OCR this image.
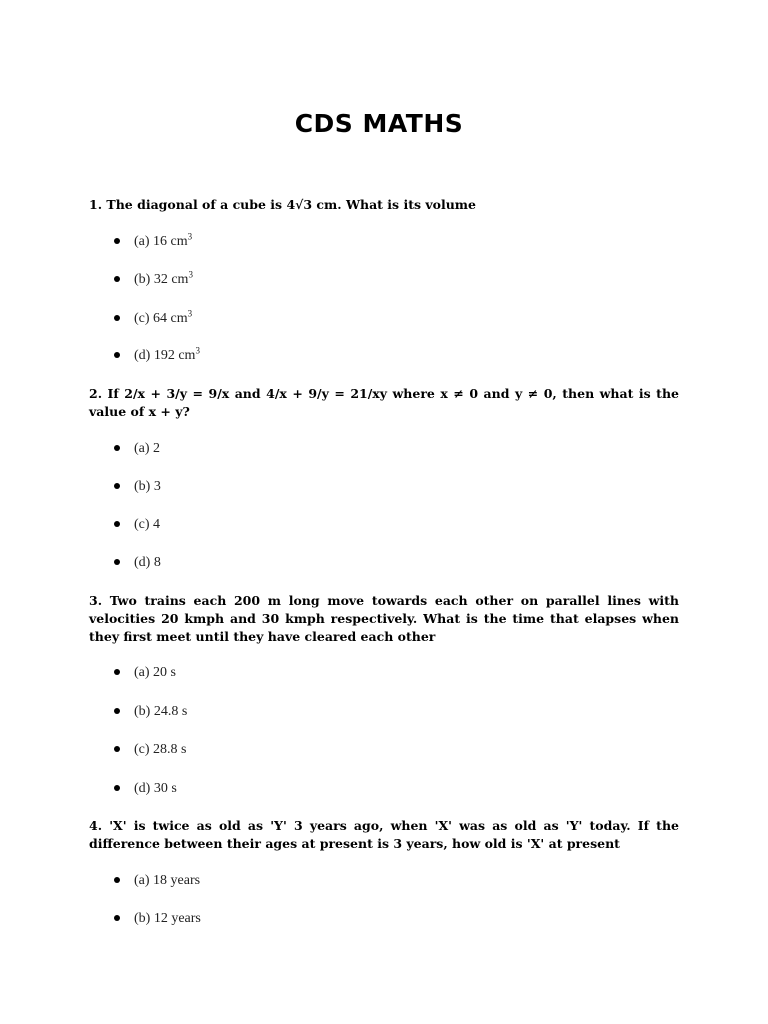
CDS MATHS
1. The diagonal of a cube is 4√3 cm. What is its volume
(a) 16 $cm^3$
(b) 32 $cm^3$
(c) 64 $cm^3$
(d) 192 $cm^3$
2. If 2/x + 3/y = 9/x and 4/x + 9/y = 21/xy where x ≠ 0 and y ≠ 0, then what is the value of x + y?
(a) 2
(b) 3
(c) 4
(d) 8
3. Two trains each 200 m long move towards each other on parallel lines with velocities 20 kmph and 30 kmph respectively. What is the time that elapses when they first meet until they have cleared each other
(a) 20 s
(b) 24.8 s
(c) 28.8 s
(d) 30 s
4. 'X' is twice as old as 'Y' 3 years ago, when 'X' was as old as 'Y' today. If the difference between their ages at present is 3 years, how old is 'X' at present
(a) 18 years
(b) 12 years
